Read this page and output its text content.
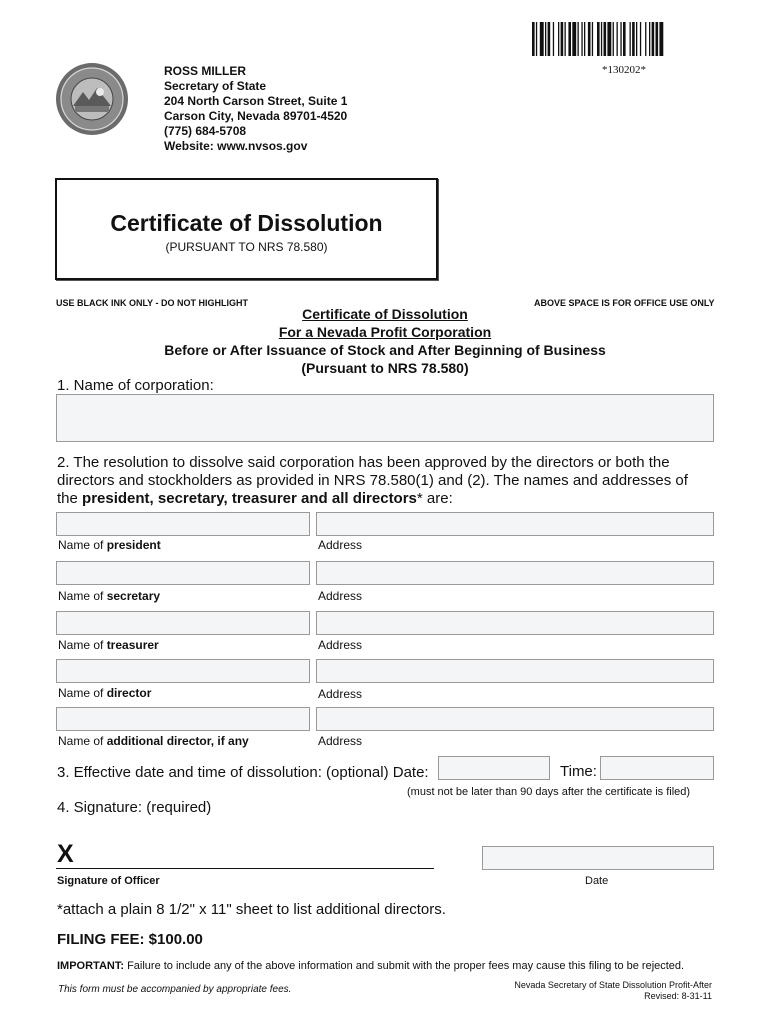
ROSS MILLER
Secretary of State
204 North Carson Street, Suite 1
Carson City, Nevada 89701-4520
(775) 684-5708
Website: www.nvsos.gov
*130202*
Certificate of Dissolution
(PURSUANT TO NRS 78.580)
USE BLACK INK ONLY - DO NOT HIGHLIGHT	ABOVE SPACE IS FOR OFFICE USE ONLY
Certificate of Dissolution
For a Nevada Profit Corporation
Before or After Issuance of Stock and After Beginning of Business
(Pursuant to NRS 78.580)
1. Name of corporation:
2. The resolution to dissolve said corporation has been approved by the directors or both the
directors and stockholders as provided in NRS 78.580(1) and (2). The names and addresses of
the president, secretary, treasurer and all directors* are:
Name of president	Address
Name of secretary	Address
Name of treasurer	Address
Name of director	Address
Name of additional director, if any	Address
3. Effective date and time of dissolution: (optional) Date:	Time:
(must not be later than 90 days after the certificate is filed)
4. Signature: (required)
X
Signature of Officer	Date
*attach a plain 8 1/2" x 11" sheet to list additional directors.
FILING FEE: $100.00
IMPORTANT: Failure to include any of the above information and submit with the proper fees may cause this filing to be rejected.
This form must be accompanied by appropriate fees.	Nevada Secretary of State Dissolution Profit-After
Revised: 8-31-11
